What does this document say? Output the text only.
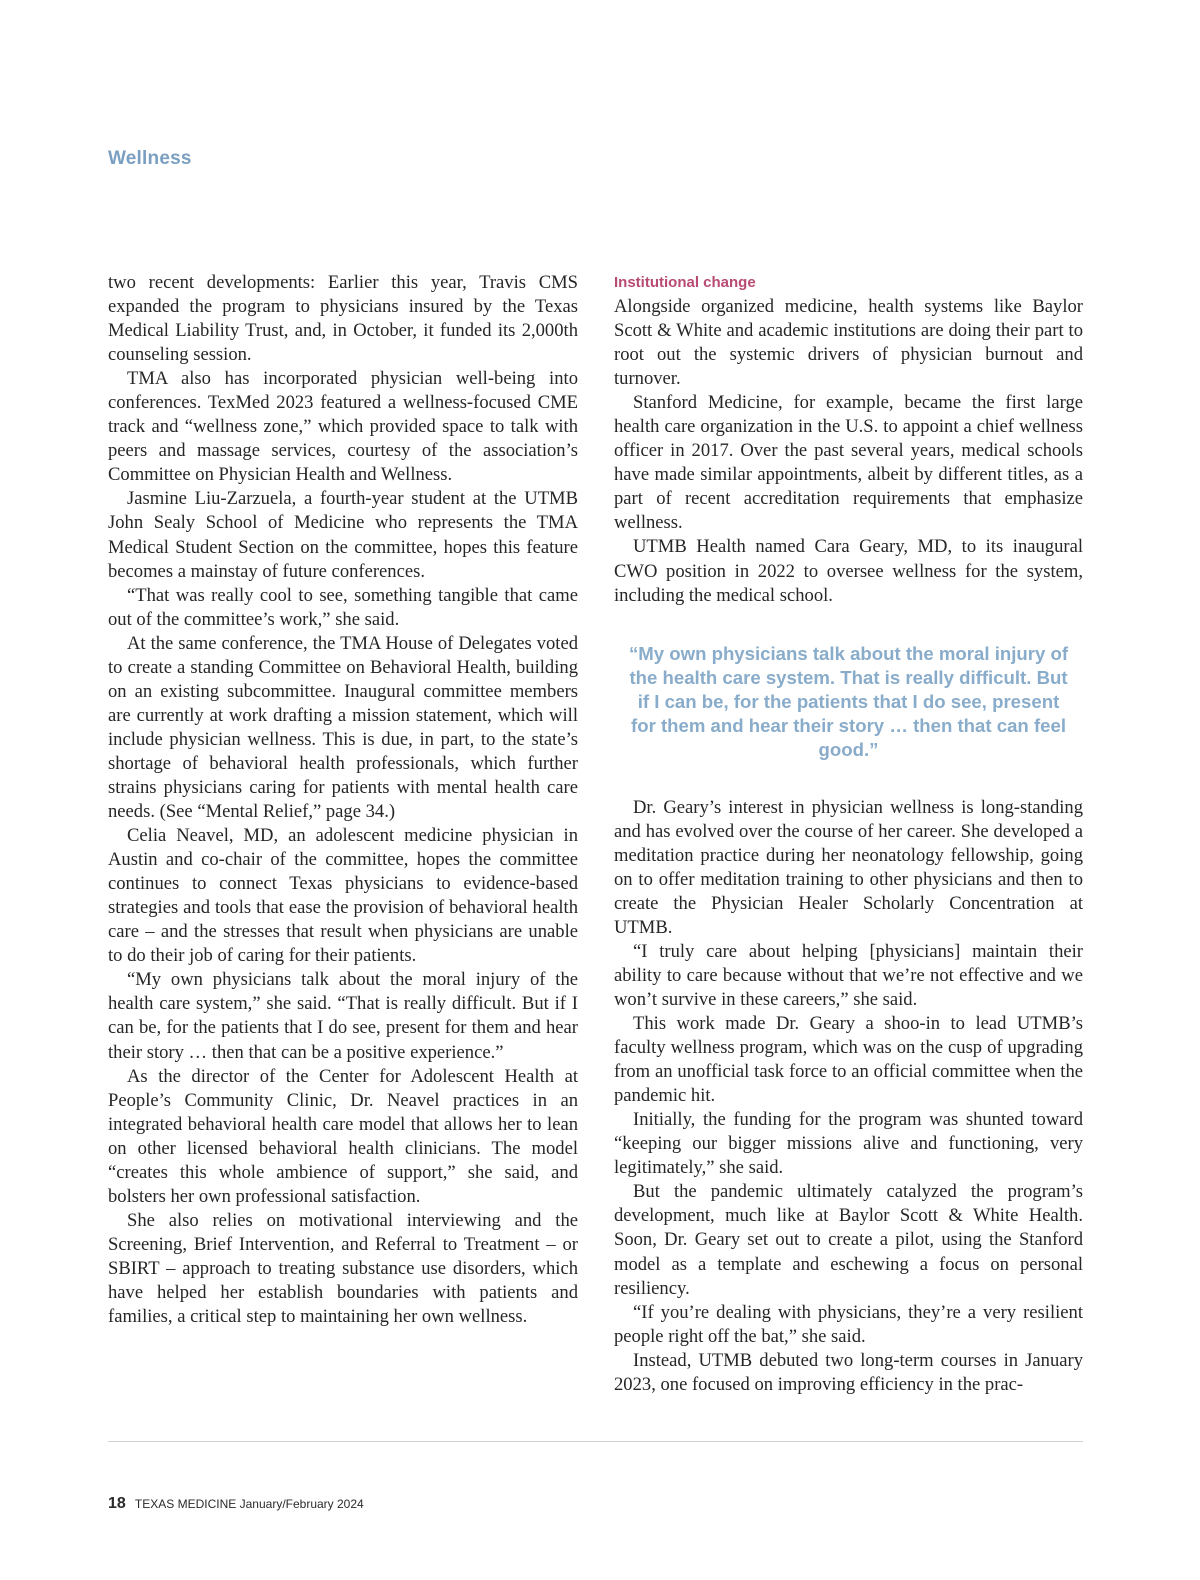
Wellness

two recent developments: Earlier this year, Travis CMS expanded the program to physicians insured by the Texas Medical Liability Trust, and, in October, it funded its 2,000th counseling session.

TMA also has incorporated physician well-being into conferences. TexMed 2023 featured a wellness-focused CME track and “wellness zone,” which provided space to talk with peers and massage services, courtesy of the association’s Committee on Physician Health and Wellness.

Jasmine Liu-Zarzuela, a fourth-year student at the UTMB John Sealy School of Medicine who represents the TMA Medical Student Section on the committee, hopes this feature becomes a mainstay of future conferences.

“That was really cool to see, something tangible that came out of the committee’s work,” she said.

At the same conference, the TMA House of Delegates voted to create a standing Committee on Behavioral Health, building on an existing subcommittee. Inaugural committee members are currently at work drafting a mission statement, which will include physician wellness. This is due, in part, to the state’s shortage of behavioral health professionals, which further strains physicians caring for patients with mental health care needs. (See “Mental Relief,” page 34.)

Celia Neavel, MD, an adolescent medicine physician in Austin and co-chair of the committee, hopes the committee continues to connect Texas physicians to evidence-based strategies and tools that ease the provision of behavioral health care – and the stresses that result when physicians are unable to do their job of caring for their patients.

“My own physicians talk about the moral injury of the health care system,” she said. “That is really difficult. But if I can be, for the patients that I do see, present for them and hear their story … then that can be a positive experience.”

As the director of the Center for Adolescent Health at People’s Community Clinic, Dr. Neavel practices in an integrated behavioral health care model that allows her to lean on other licensed behavioral health clinicians. The model “creates this whole ambience of support,” she said, and bolsters her own professional satisfaction.

She also relies on motivational interviewing and the Screening, Brief Intervention, and Referral to Treatment – or SBIRT – approach to treating substance use disorders, which have helped her establish boundaries with patients and families, a critical step to maintaining her own wellness.

Institutional change

Alongside organized medicine, health systems like Baylor Scott & White and academic institutions are doing their part to root out the systemic drivers of physician burnout and turnover.

Stanford Medicine, for example, became the first large health care organization in the U.S. to appoint a chief wellness officer in 2017. Over the past several years, medical schools have made similar appointments, albeit by different titles, as a part of recent accreditation requirements that emphasize wellness.

UTMB Health named Cara Geary, MD, to its inaugural CWO position in 2022 to oversee wellness for the system, including the medical school.

“My own physicians talk about the moral injury of the health care system. That is really difficult. But if I can be, for the patients that I do see, present for them and hear their story … then that can feel good.”

Dr. Geary’s interest in physician wellness is long-standing and has evolved over the course of her career. She developed a meditation practice during her neonatology fellowship, going on to offer meditation training to other physicians and then to create the Physician Healer Scholarly Concentration at UTMB.

“I truly care about helping [physicians] maintain their ability to care because without that we’re not effective and we won’t survive in these careers,” she said.

This work made Dr. Geary a shoo-in to lead UTMB’s faculty wellness program, which was on the cusp of upgrading from an unofficial task force to an official committee when the pandemic hit.

Initially, the funding for the program was shunted toward “keeping our bigger missions alive and functioning, very legitimately,” she said.

But the pandemic ultimately catalyzed the program’s development, much like at Baylor Scott & White Health. Soon, Dr. Geary set out to create a pilot, using the Stanford model as a template and eschewing a focus on personal resiliency.

“If you’re dealing with physicians, they’re a very resilient people right off the bat,” she said.

Instead, UTMB debuted two long-term courses in January 2023, one focused on improving efficiency in the prac-

18 TEXAS MEDICINE January/February 2024
